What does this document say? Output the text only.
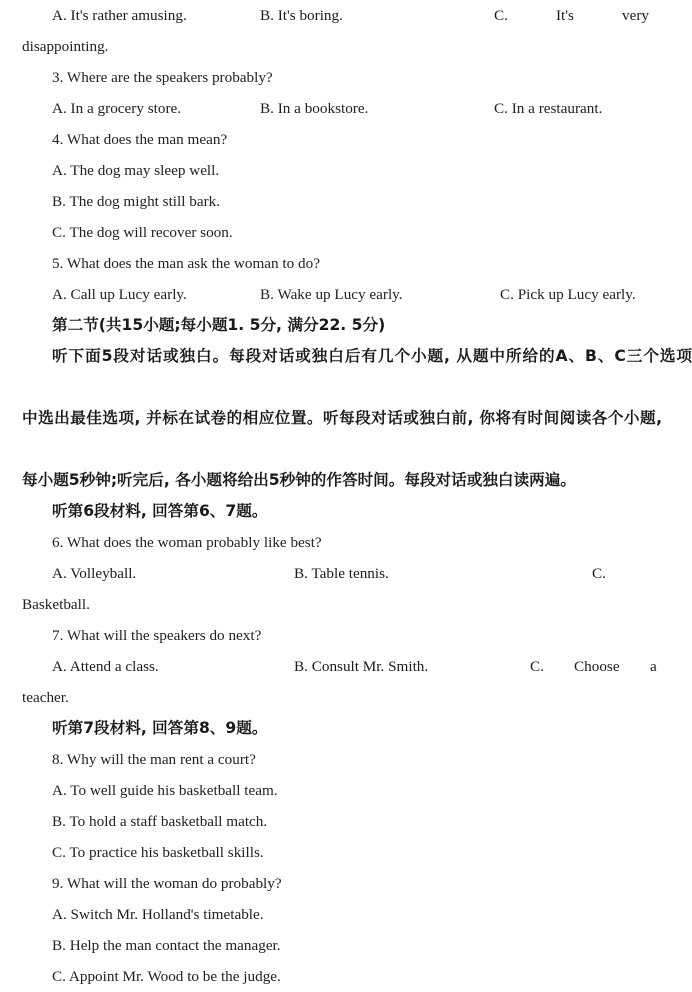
A. It's rather amusing.	B. It's boring.	C.	It's	very
disappointing.
3. Where are the speakers probably?
A. In a grocery store.	B. In a bookstore.	C. In a restaurant.
4. What does the man mean?
A. The dog may sleep well.
B. The dog might still bark.
C. The dog will recover soon.
5. What does the man ask the woman to do?
A. Call up Lucy early.	B. Wake up Lucy early.	C. Pick up Lucy early.
第二节(共15小题;每小题1. 5分, 满分22. 5分)
听下面5段对话或独白。每段对话或独白后有几个小题, 从题中所给的A、B、C三个选项
中选出最佳选项, 并标在试卷的相应位置。听每段对话或独白前, 你将有时间阅读各个小题,
每小题5秒钟;听完后, 各小题将给出5秒钟的作答时间。每段对话或独白读两遍。
听第6段材料, 回答第6、7题。
6. What does the woman probably like best?
A. Volleyball.	B. Table tennis.	C.
Basketball.
7. What will the speakers do next?
A. Attend a class.	B. Consult Mr. Smith.	C. Choose a
teacher.
听第7段材料, 回答第8、9题。
8. Why will the man rent a court?
A. To well guide his basketball team.
B. To hold a staff basketball match.
C. To practice his basketball skills.
9. What will the woman do probably?
A. Switch Mr. Holland's timetable.
B. Help the man contact the manager.
C. Appoint Mr. Wood to be the judge.
